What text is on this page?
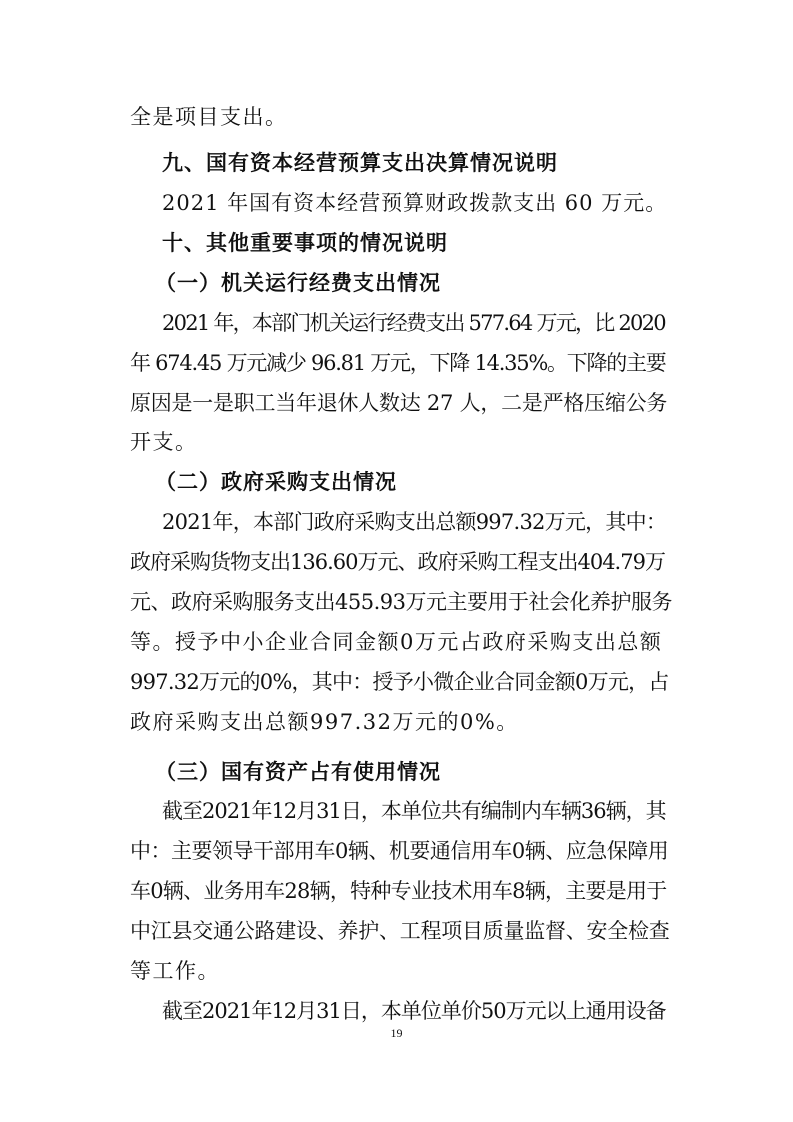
全是项目支出。
九、国有资本经营预算支出决算情况说明
2021 年国有资本经营预算财政拨款支出 60 万元。
十、其他重要事项的情况说明
（一）机关运行经费支出情况
2021 年，本部门机关运行经费支出 577.64 万元，比 2020
年 674.45 万元减少 96.81 万元，下降 14.35%。下降的主要
原因是一是职工当年退休人数达 27 人，二是严格压缩公务
开支。
（二）政府采购支出情况
2021年，本部门政府采购支出总额997.32万元，其中：
政府采购货物支出136.60万元、政府采购工程支出404.79万
元、政府采购服务支出455.93万元主要用于社会化养护服务
等。授予中小企业合同金额0万元占政府采购支出总额
997.32万元的0%，其中：授予小微企业合同金额0万元，占
政府采购支出总额997.32万元的0%。
（三）国有资产占有使用情况
截至2021年12月31日，本单位共有编制内车辆36辆，其
中：主要领导干部用车0辆、机要通信用车0辆、应急保障用
车0辆、业务用车28辆，特种专业技术用车8辆，主要是用于
中江县交通公路建设、养护、工程项目质量监督、安全检查
等工作。
截至2021年12月31日，本单位单价50万元以上通用设备
19
